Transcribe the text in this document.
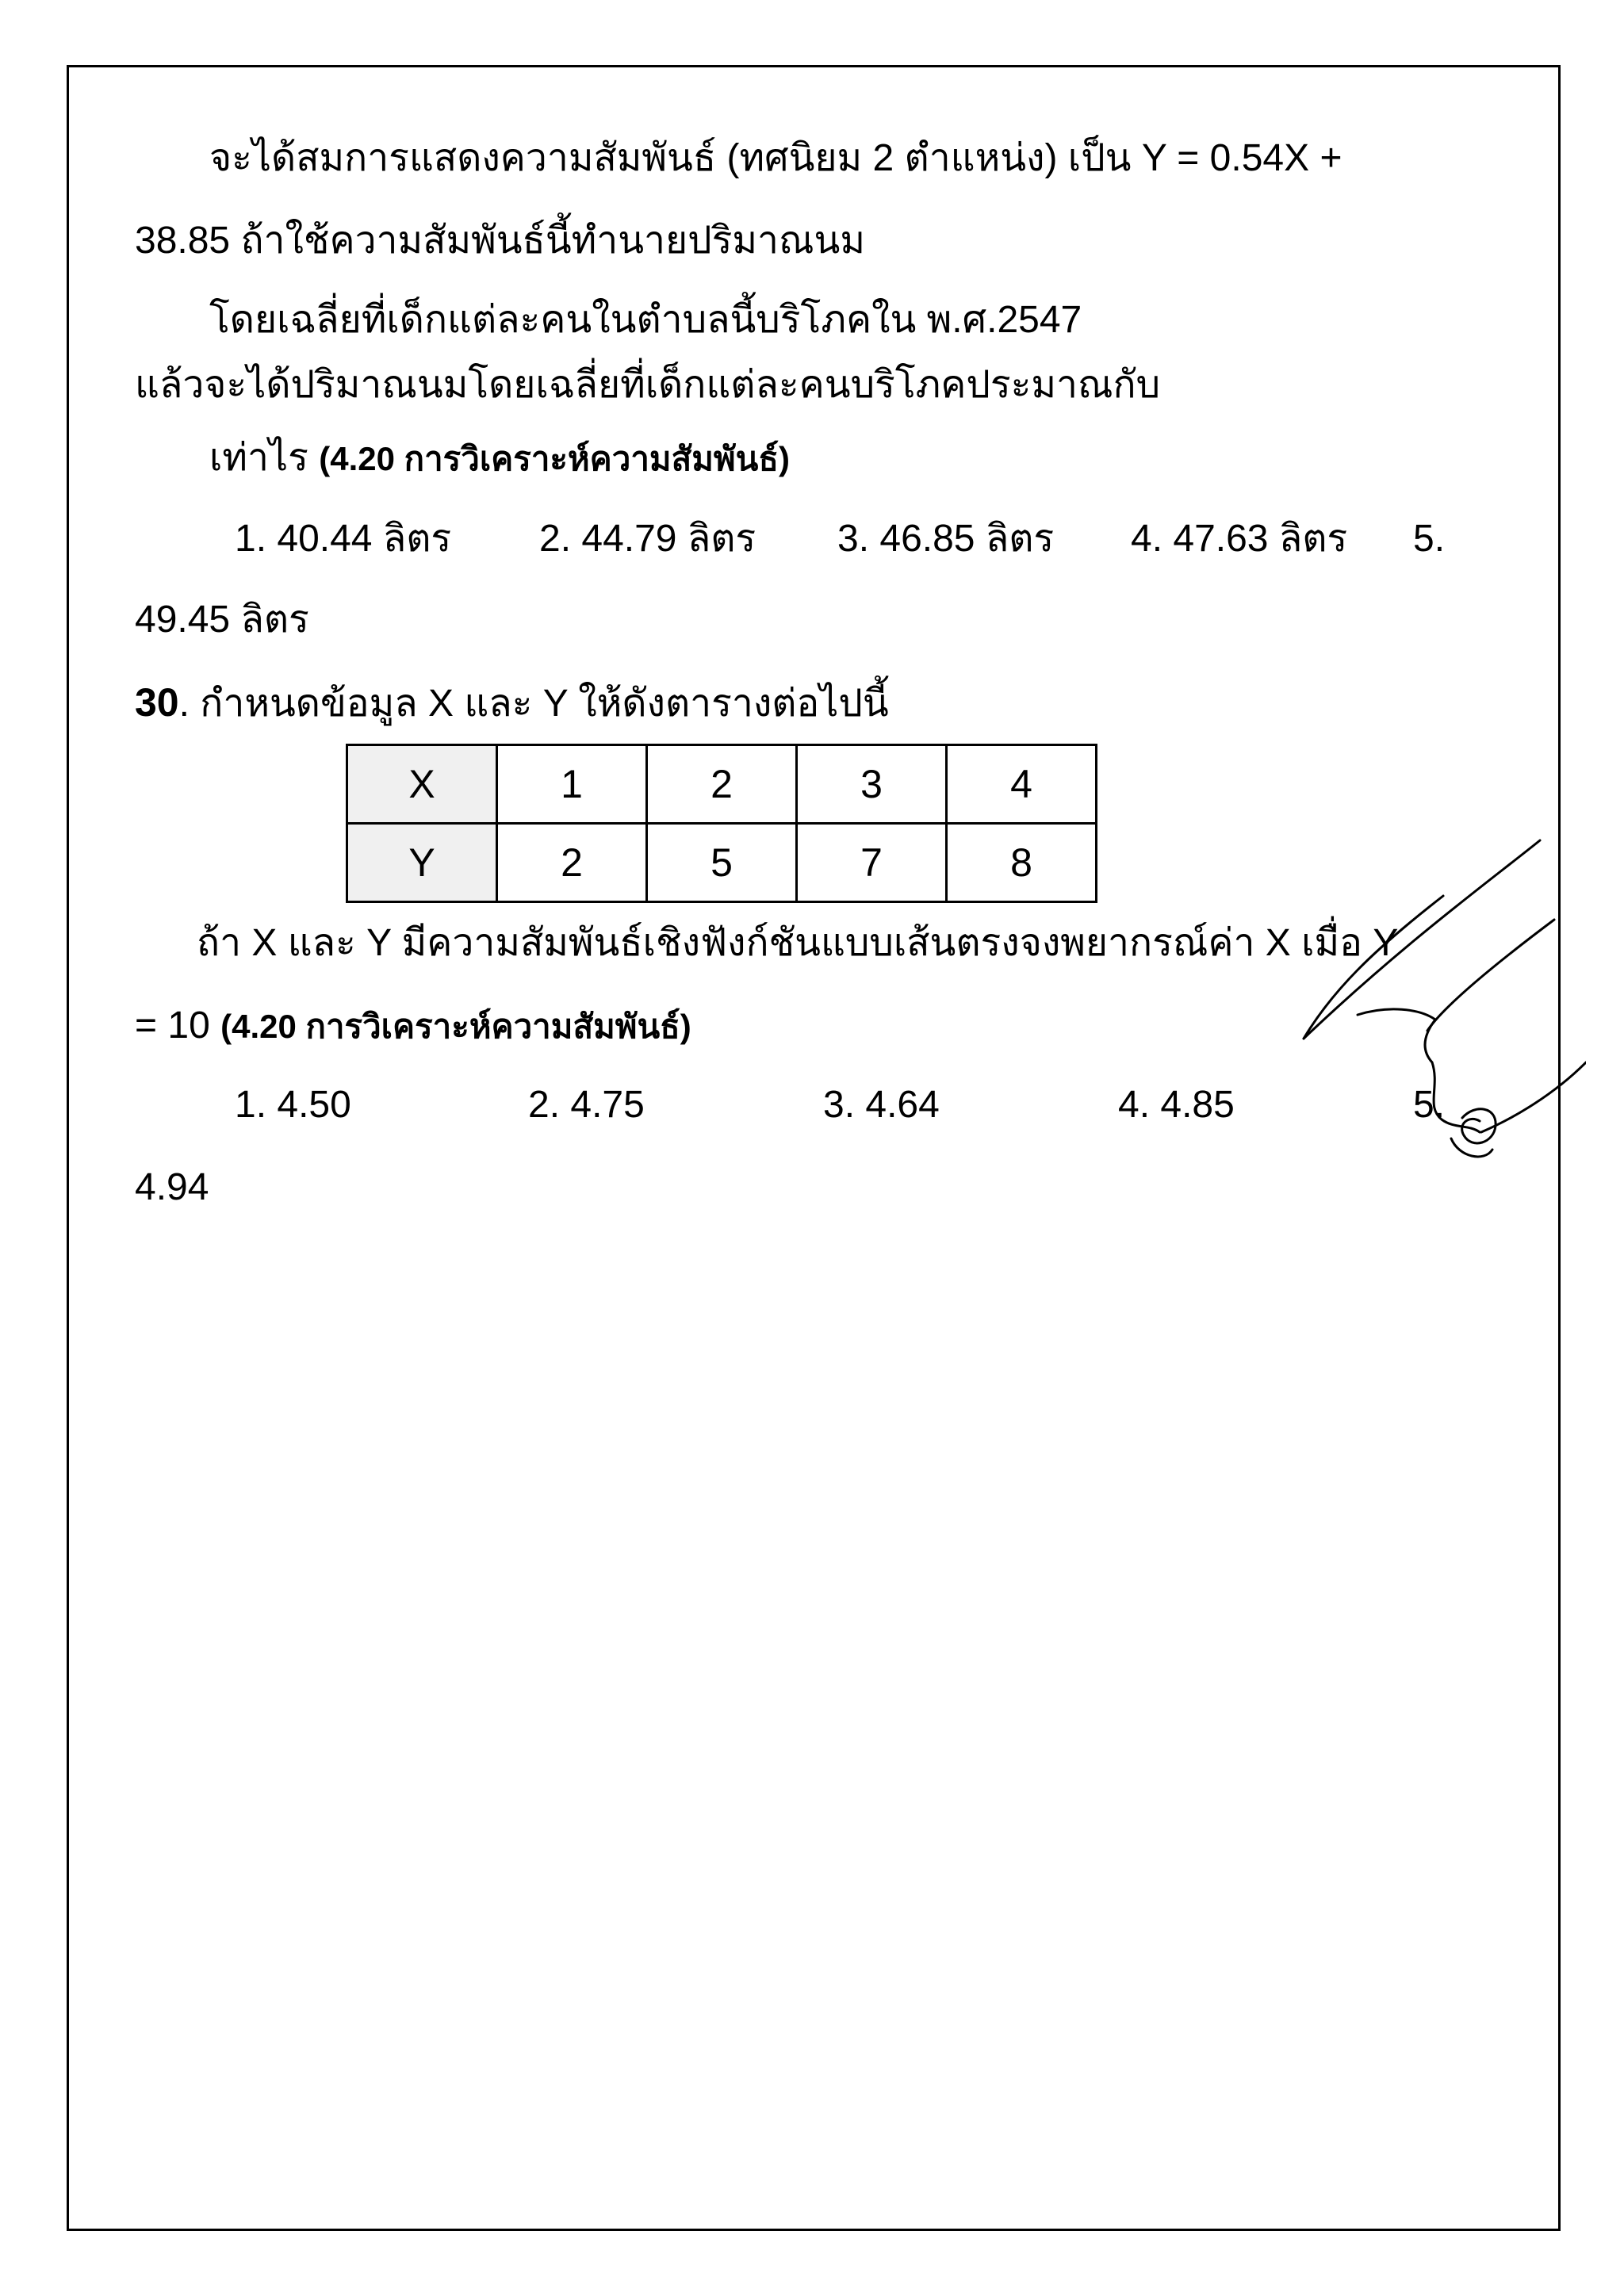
จะได้สมการแสดงความสัมพันธ์ (ทศนิยม 2 ตำแหน่ง) เป็น Y = 0.54X +
38.85 ถ้าใช้ความสัมพันธ์นี้ทำนายปริมาณนม
โดยเฉลี่ยที่เด็กแต่ละคนในตำบลนี้บริโภคใน พ.ศ.2547
แล้วจะได้ปริมาณนมโดยเฉลี่ยที่เด็กแต่ละคนบริโภคประมาณกับ
เท่าไร (4.20 การวิเคราะห์ความสัมพันธ์)
1. 40.44 ลิตร 2. 44.79 ลิตร 3. 46.85 ลิตร 4. 47.63 ลิตร 5.
49.45 ลิตร
30. กำหนดข้อมูล X และ Y ให้ดังตารางต่อไปนี้
X	1	2	3	4
Y	2	5	7	8
ถ้า X และ Y มีความสัมพันธ์เชิงฟังก์ชันแบบเส้นตรงจงพยากรณ์ค่า X เมื่อ Y
= 10 (4.20 การวิเคราะห์ความสัมพันธ์)
1. 4.50	2. 4.75	3. 4.64	4. 4.85	5.
4.94
